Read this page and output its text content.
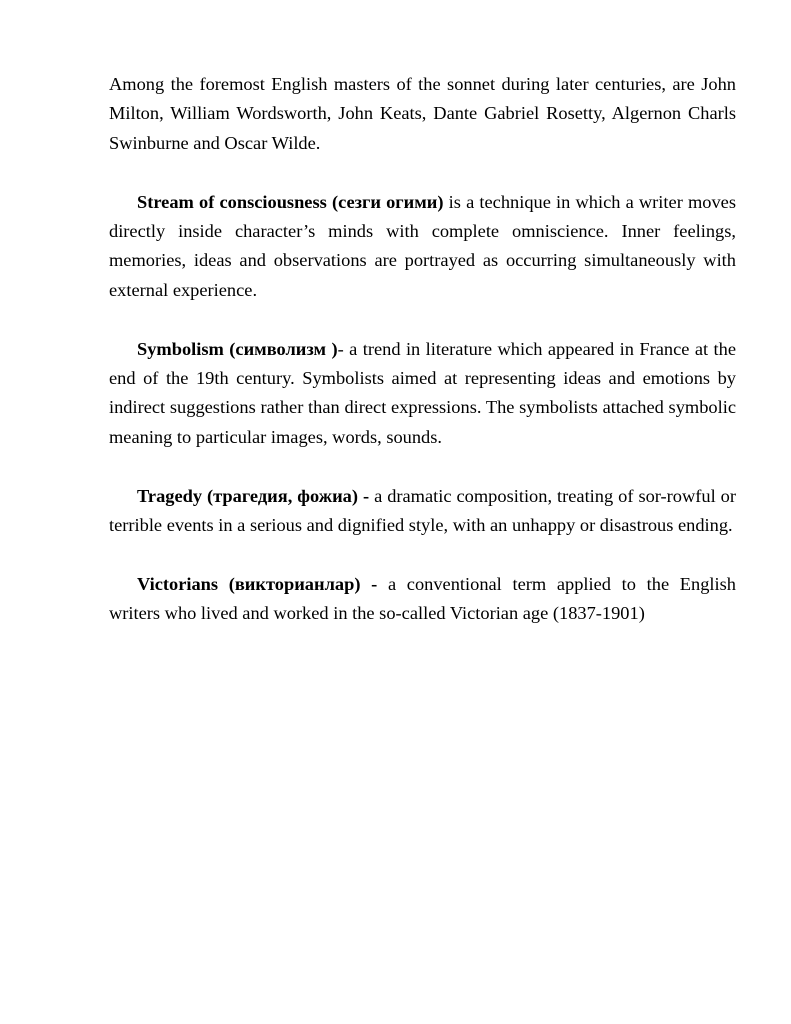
Among the foremost English masters of the sonnet during later centuries, are John Milton, William Wordsworth, John Keats, Dante Gabriel Rosetty, Algernon Charls Swinburne and Oscar Wilde.

Stream of consciousness (сезги огими) is a technique in which a writer moves directly inside character’s minds with complete omniscience. Inner feelings, memories, ideas and observations are portrayed as occurring simultaneously with external experience.

Symbolism (символизм )- a trend in literature which appeared in France at the end of the 19th century. Symbolists aimed at representing ideas and emotions by indirect suggestions rather than direct expressions. The symbolists attached symbolic meaning to particular images, words, sounds.

Tragedy (трагедия, фожиа) - a dramatic composition, treating of sor-rowful or terrible events in a serious and dignified style, with an unhappy or disastrous ending.

Victorians (викторианлар) - a conventional term applied to the English writers who lived and worked in the so-called Victorian age (1837-1901)
